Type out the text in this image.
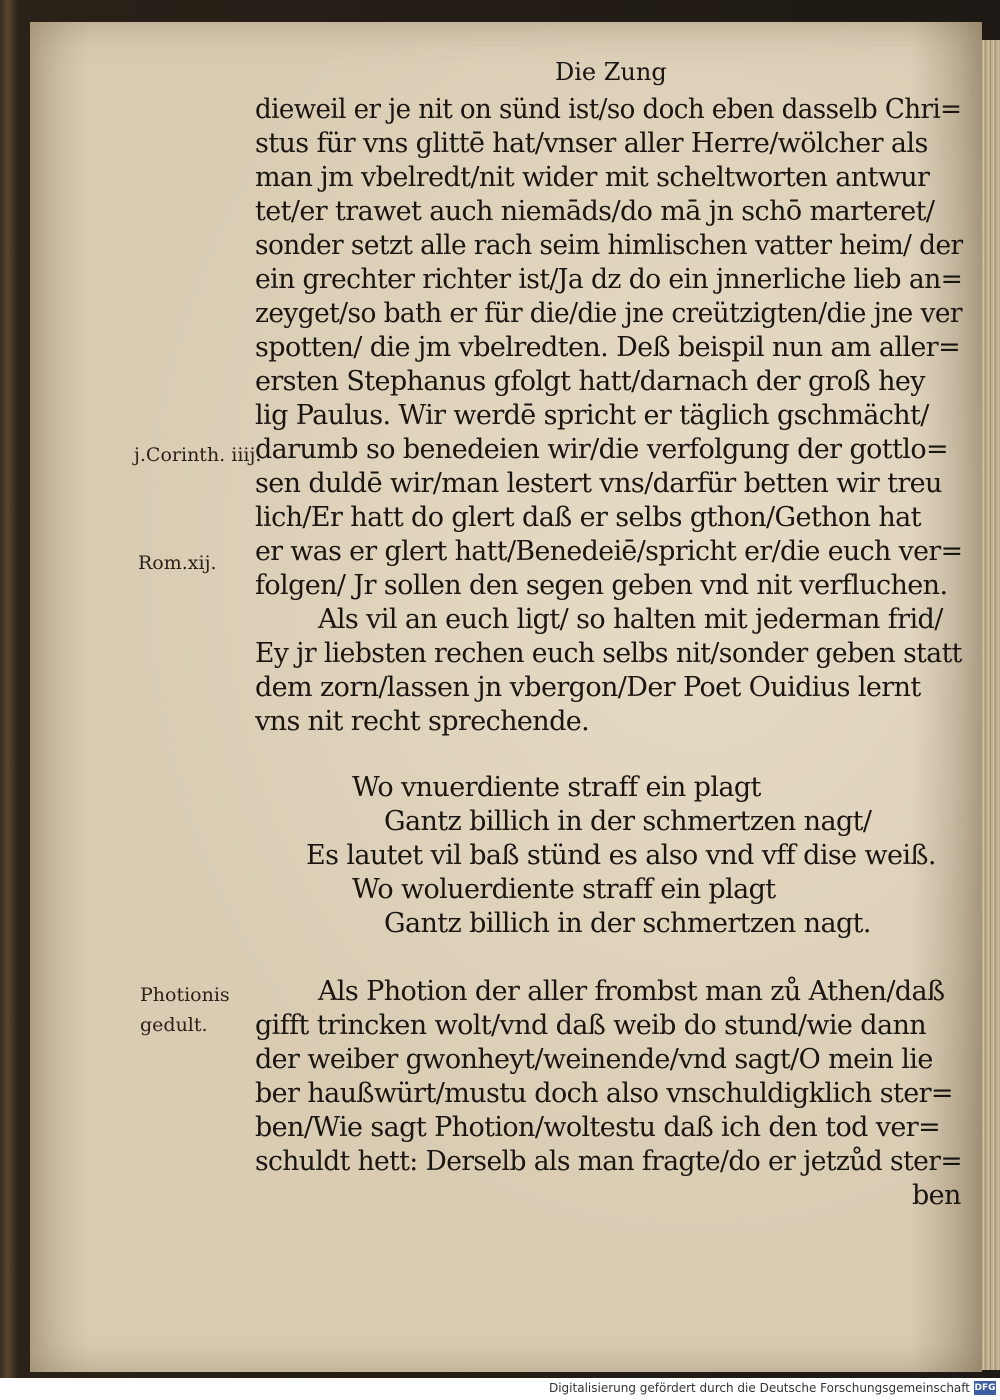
Die Zung
dieweil er je nit on sünd ist/so doch eben dasselb Chri=
stus für vns glittē hat/vnser aller Herre/wölcher als
man jm vbelredt/nit wider mit scheltworten antwur
tet/er trawet auch niemāds/do mā jn schō marteret/
sonder setzt alle rach seim himlischen vatter heim/ der
ein grechter richter ist/Ja dz do ein jnnerliche lieb an=
zeyget/so bath er für die/die jne creützigten/die jne ver
spotten/ die jm vbelredten. Deß beispil nun am aller=
ersten Stephanus gfolgt hatt/darnach der groß hey
lig Paulus. Wir werdē spricht er täglich gschmächt/
darumb so benedeien wir/die verfolgung der gottlo=
sen duldē wir/man lestert vns/darfür betten wir treu
lich/Er hatt do glert daß er selbs gthon/Gethon hat
er was er glert hatt/Benedeiē/spricht er/die euch ver=
folgen/ Jr sollen den segen geben vnd nit verfluchen.
Als vil an euch ligt/ so halten mit jederman frid/
Ey jr liebsten rechen euch selbs nit/sonder geben statt
dem zorn/lassen jn vbergon/Der Poet Ouidius lernt
vns nit recht sprechende.
Wo vnuerdiente straff ein plagt
Gantz billich in der schmertzen nagt/
Es lautet vil baß stünd es also vnd vff dise weiß.
Wo woluerdiente straff ein plagt
Gantz billich in der schmertzen nagt.
Als Photion der aller frombst man zů Athen/daß
gifft trincken wolt/vnd daß weib do stund/wie dann
der weiber gwonheyt/weinende/vnd sagt/O mein lie
ber haußwürt/mustu doch also vnschuldigklich ster=
ben/Wie sagt Photion/woltestu daß ich den tod ver=
schuldt hett: Derselb als man fragte/do er jetzůd ster=
ben
j.Corinth. iiij.
Rom.xij.
Photionis
gedult.
Digitalisierung gefördert durch die Deutsche Forschungsgemeinschaft DFG
